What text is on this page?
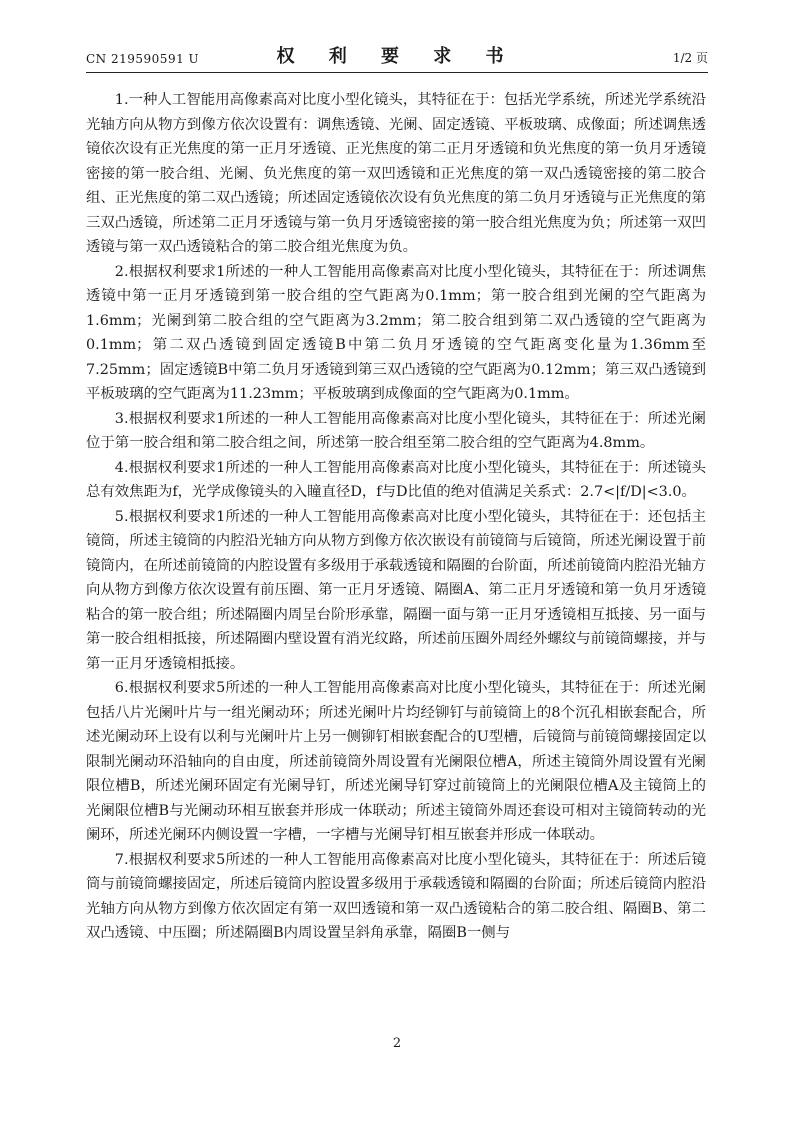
CN 219590591 U	权 利 要 求 书	1/2 页

1.一种人工智能用高像素高对比度小型化镜头，其特征在于：包括光学系统，所述光学系统沿光轴方向从物方到像方依次设置有：调焦透镜、光阑、固定透镜、平板玻璃、成像面；所述调焦透镜依次设有正光焦度的第一正月牙透镜、正光焦度的第二正月牙透镜和负光焦度的第一负月牙透镜密接的第一胶合组、光阑、负光焦度的第一双凹透镜和正光焦度的第一双凸透镜密接的第二胶合组、正光焦度的第二双凸透镜；所述固定透镜依次设有负光焦度的第二负月牙透镜与正光焦度的第三双凸透镜，所述第二正月牙透镜与第一负月牙透镜密接的第一胶合组光焦度为负；所述第一双凹透镜与第一双凸透镜粘合的第二胶合组光焦度为负。

2.根据权利要求1所述的一种人工智能用高像素高对比度小型化镜头，其特征在于：所述调焦透镜中第一正月牙透镜到第一胶合组的空气距离为0.1mm；第一胶合组到光阑的空气距离为1.6mm；光阑到第二胶合组的空气距离为3.2mm；第二胶合组到第二双凸透镜的空气距离为0.1mm；第二双凸透镜到固定透镜B中第二负月牙透镜的空气距离变化量为1.36mm至7.25mm；固定透镜B中第二负月牙透镜到第三双凸透镜的空气距离为0.12mm；第三双凸透镜到平板玻璃的空气距离为11.23mm；平板玻璃到成像面的空气距离为0.1mm。

3.根据权利要求1所述的一种人工智能用高像素高对比度小型化镜头，其特征在于：所述光阑位于第一胶合组和第二胶合组之间，所述第一胶合组至第二胶合组的空气距离为4.8mm。

4.根据权利要求1所述的一种人工智能用高像素高对比度小型化镜头，其特征在于：所述镜头总有效焦距为f，光学成像镜头的入瞳直径D，f与D比值的绝对值满足关系式：2.7<|f/D|<3.0。

5.根据权利要求1所述的一种人工智能用高像素高对比度小型化镜头，其特征在于：还包括主镜筒，所述主镜筒的内腔沿光轴方向从物方到像方依次嵌设有前镜筒与后镜筒，所述光阑设置于前镜筒内，在所述前镜筒的内腔设置有多级用于承载透镜和隔圈的台阶面，所述前镜筒内腔沿光轴方向从物方到像方依次设置有前压圈、第一正月牙透镜、隔圈A、第二正月牙透镜和第一负月牙透镜粘合的第一胶合组；所述隔圈内周呈台阶形承靠，隔圈一面与第一正月牙透镜相互抵接、另一面与第一胶合组相抵接，所述隔圈内壁设置有消光纹路，所述前压圈外周经外螺纹与前镜筒螺接，并与第一正月牙透镜相抵接。

6.根据权利要求5所述的一种人工智能用高像素高对比度小型化镜头，其特征在于：所述光阑包括八片光阑叶片与一组光阑动环；所述光阑叶片均经铆钉与前镜筒上的8个沉孔相嵌套配合，所述光阑动环上设有以利与光阑叶片上另一侧铆钉相嵌套配合的U型槽，后镜筒与前镜筒螺接固定以限制光阑动环沿轴向的自由度，所述前镜筒外周设置有光阑限位槽A，所述主镜筒外周设置有光阑限位槽B，所述光阑环固定有光阑导钉，所述光阑导钉穿过前镜筒上的光阑限位槽A及主镜筒上的光阑限位槽B与光阑动环相互嵌套并形成一体联动；所述主镜筒外周还套设可相对主镜筒转动的光阑环，所述光阑环内侧设置一字槽，一字槽与光阑导钉相互嵌套并形成一体联动。

7.根据权利要求5所述的一种人工智能用高像素高对比度小型化镜头，其特征在于：所述后镜筒与前镜筒螺接固定，所述后镜筒内腔设置多级用于承载透镜和隔圈的台阶面；所述后镜筒内腔沿光轴方向从物方到像方依次固定有第一双凹透镜和第一双凸透镜粘合的第二胶合组、隔圈B、第二双凸透镜、中压圈；所述隔圈B内周设置呈斜角承靠，隔圈B一侧与

2
